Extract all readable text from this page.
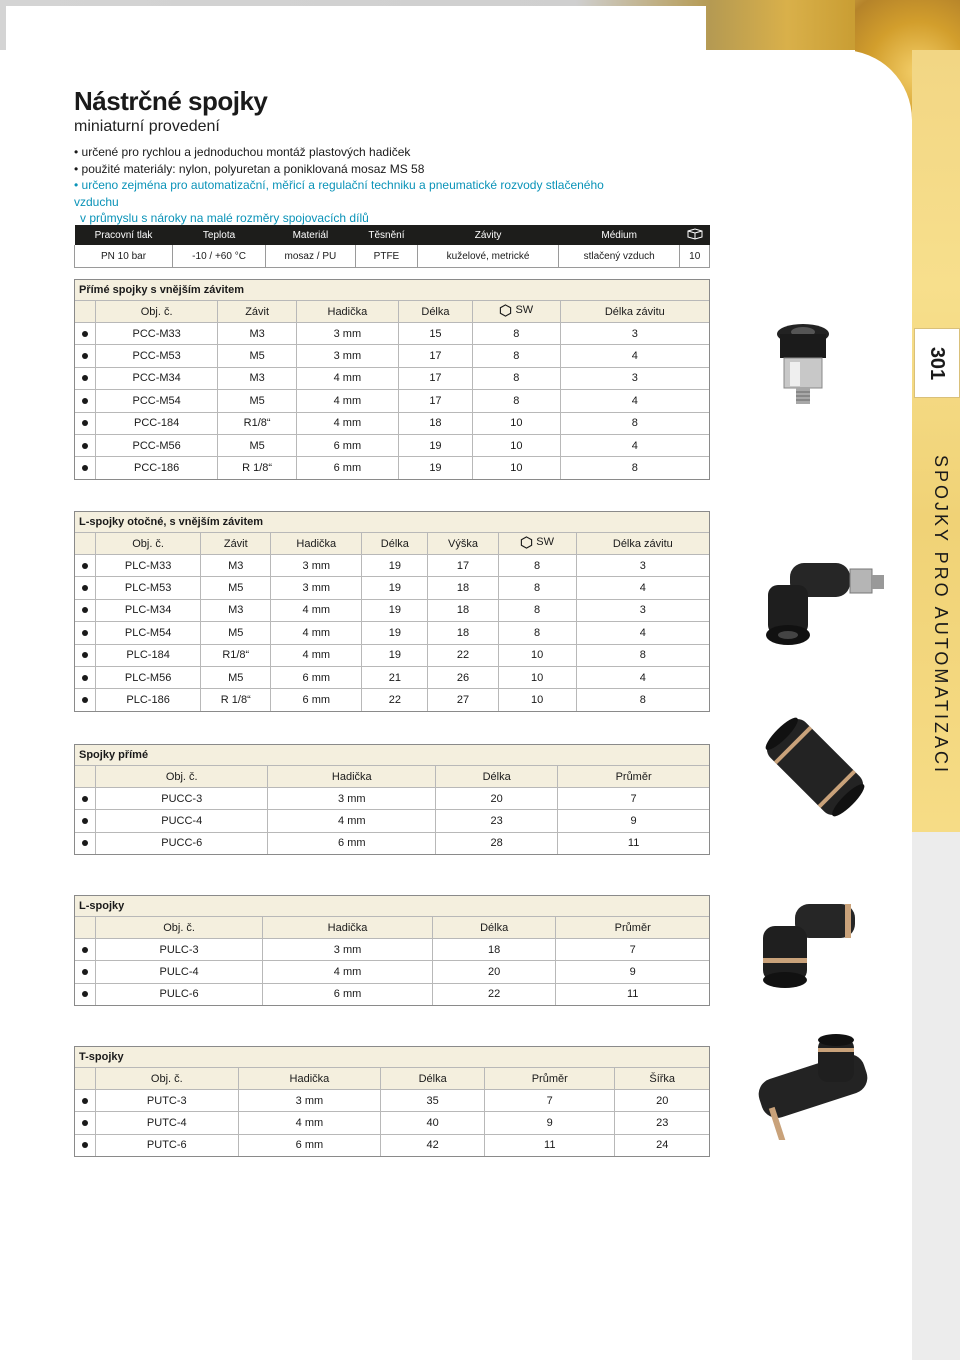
301
SPOJKY PRO AUTOMATIZACI
Nástrčné spojky
miniaturní provedení
• určené pro rychlou a jednoduchou montáž plastových hadiček
• použité materiály: nylon, polyuretan a poniklovaná mosaz MS 58
• určeno zejména pro automatizační, měřicí a regulační techniku a pneumatické rozvody stlačeného vzduchu
v průmyslu s nároky na malé rozměry spojovacích dílů
Pracovní tlak	Teplota	Materiál	Těsnění	Závity	Médium	
PN 10 bar	-10 / +60 °C	mosaz / PU	PTFE	kuželové, metrické	stlačený vzduch	10
Přímé spojky s vnějším závitem
	Obj. č.	Závit	Hadička	Délka	SW	Délka závitu
	PCC-M33	M3	3 mm	15	8	3
	PCC-M53	M5	3 mm	17	8	4
	PCC-M34	M3	4 mm	17	8	3
	PCC-M54	M5	4 mm	17	8	4
	PCC-184	R1/8“	4 mm	18	10	8
	PCC-M56	M5	6 mm	19	10	4
	PCC-186	R 1/8“	6 mm	19	10	8
L-spojky otočné, s vnějším závitem
	Obj. č.	Závit	Hadička	Délka	Výška	SW	Délka závitu
	PLC-M33	M3	3 mm	19	17	8	3
	PLC-M53	M5	3 mm	19	18	8	4
	PLC-M34	M3	4 mm	19	18	8	3
	PLC-M54	M5	4 mm	19	18	8	4
	PLC-184	R1/8“	4 mm	19	22	10	8
	PLC-M56	M5	6 mm	21	26	10	4
	PLC-186	R 1/8“	6 mm	22	27	10	8
Spojky přímé
	Obj. č.	Hadička	Délka	Průměr
	PUCC-3	3 mm	20	7
	PUCC-4	4 mm	23	9
	PUCC-6	6 mm	28	11
L-spojky
	Obj. č.	Hadička	Délka	Průměr
	PULC-3	3 mm	18	7
	PULC-4	4 mm	20	9
	PULC-6	6 mm	22	11
T-spojky
	Obj. č.	Hadička	Délka	Průměr	Šířka
	PUTC-3	3 mm	35	7	20
	PUTC-4	4 mm	40	9	23
	PUTC-6	6 mm	42	11	24
